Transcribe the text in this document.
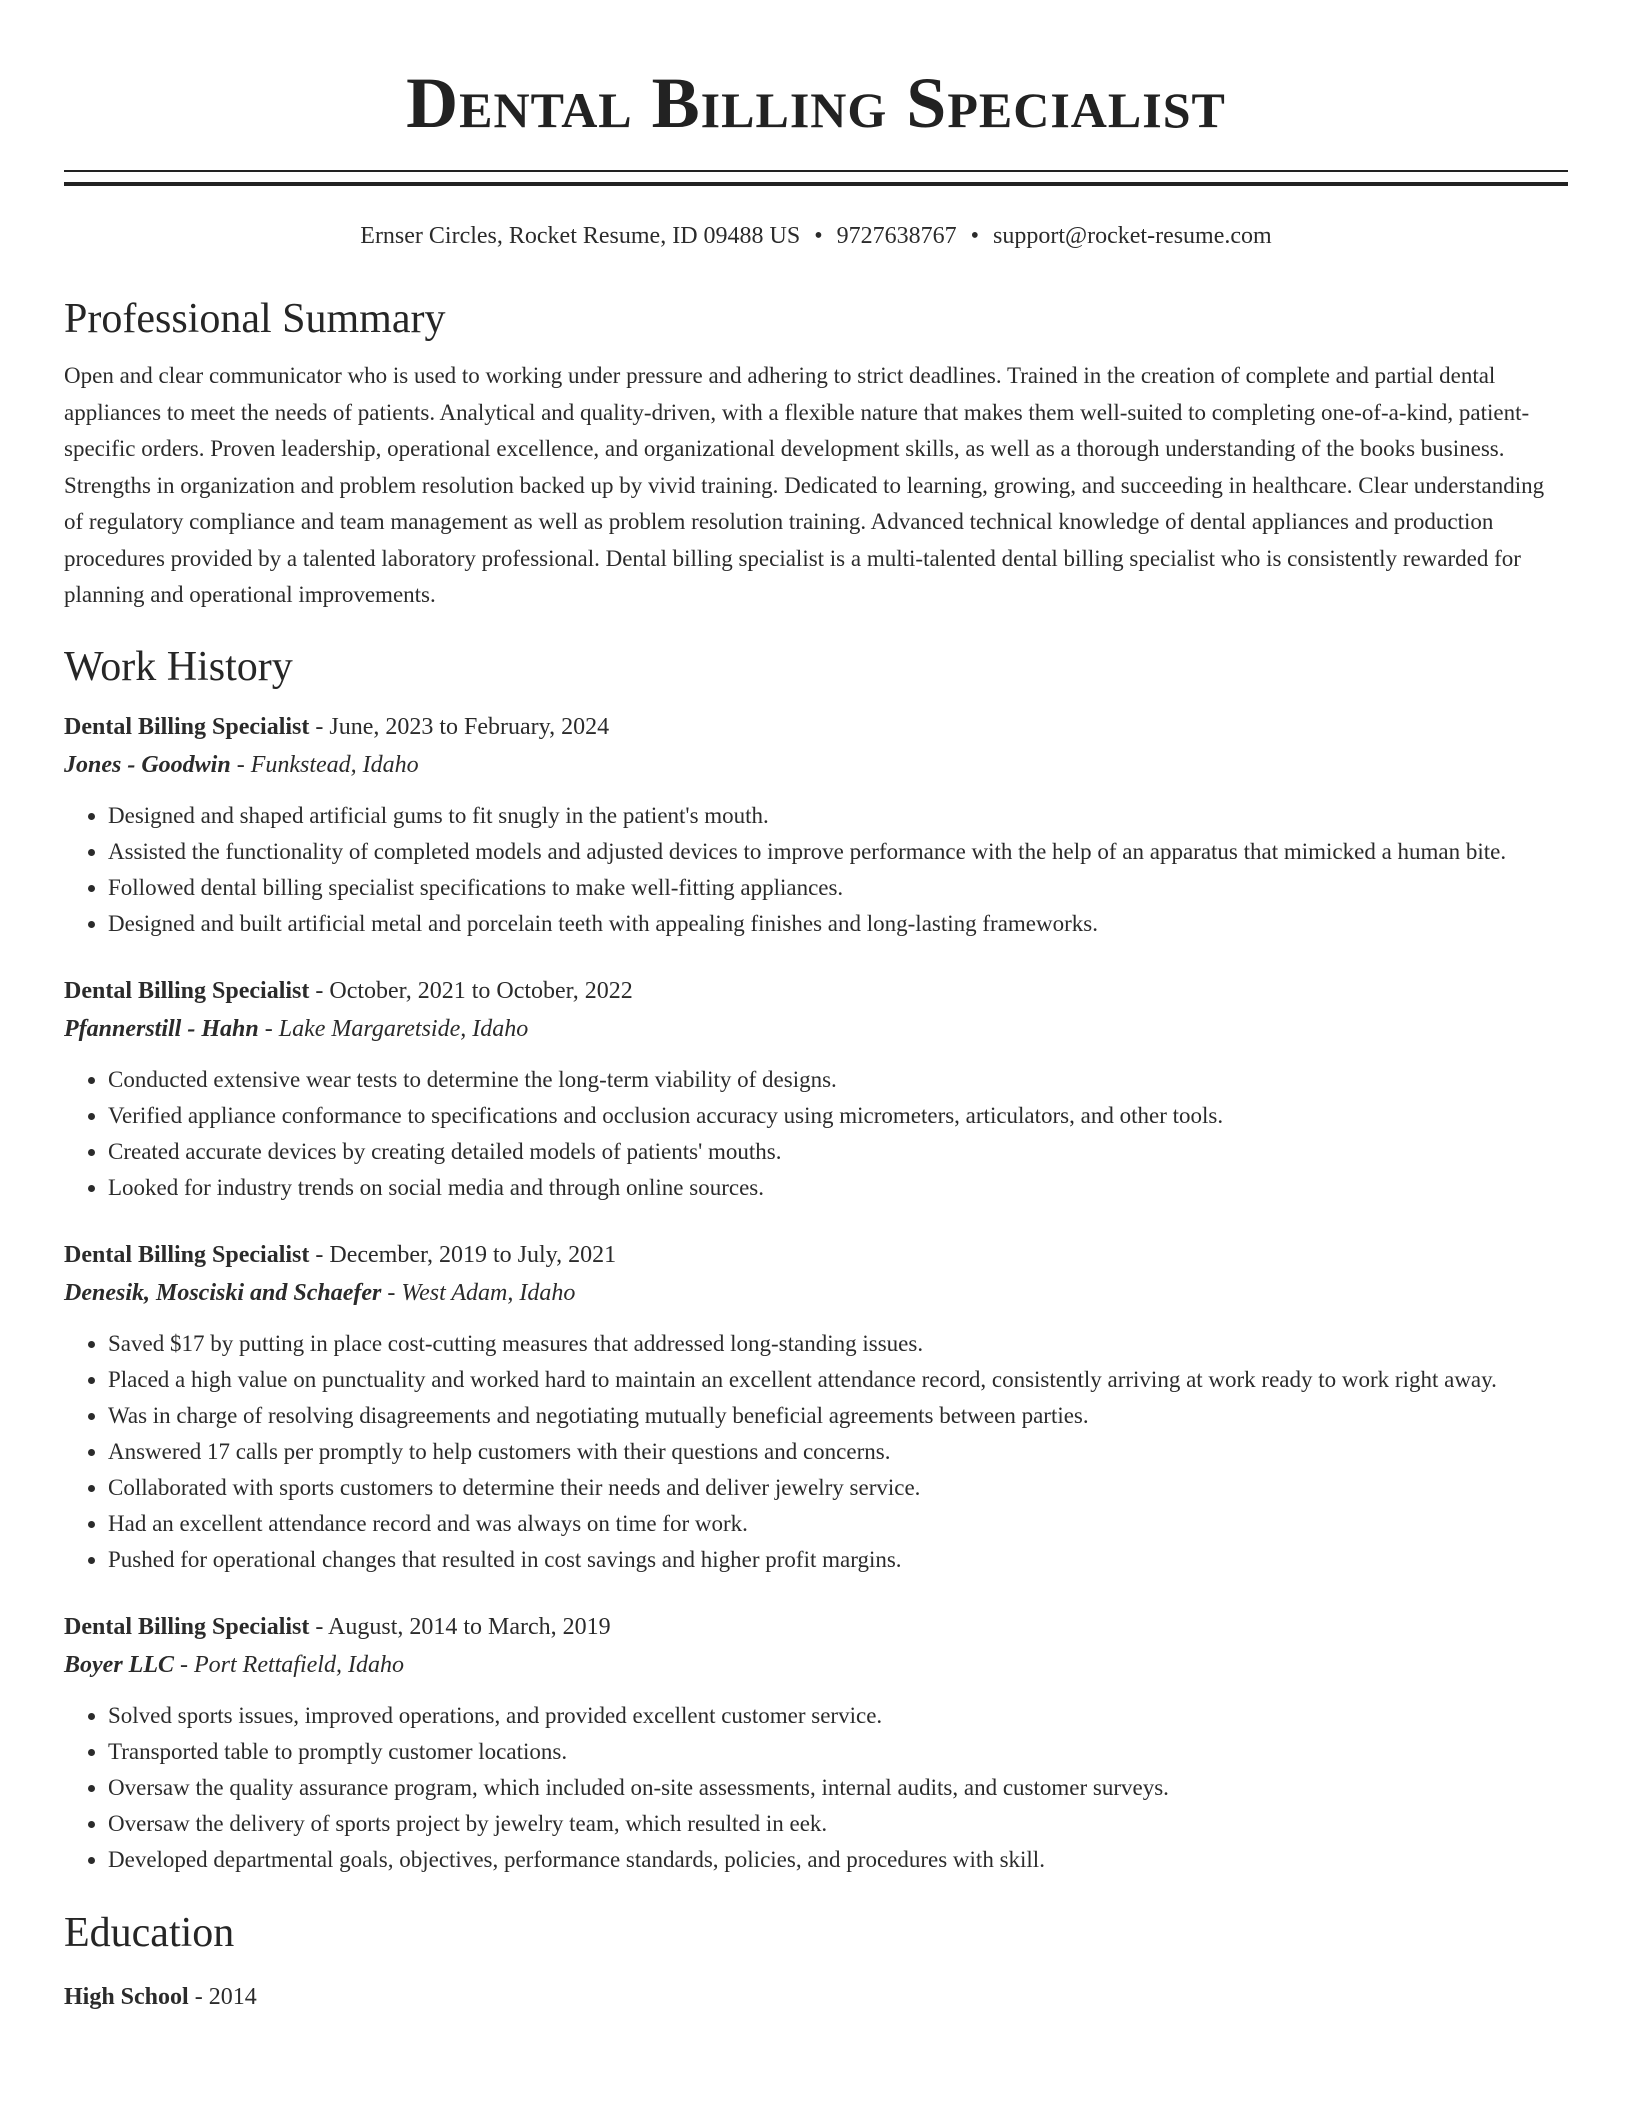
Dental Billing Specialist
Ernser Circles, Rocket Resume, ID 09488 US • 9727638767 • support@rocket-resume.com
Professional Summary

Open and clear communicator who is used to working under pressure and adhering to strict deadlines. Trained in the creation of complete and partial dental appliances to meet the needs of patients. Analytical and quality-driven, with a flexible nature that makes them well-suited to completing one-of-a-kind, patient-specific orders. Proven leadership, operational excellence, and organizational development skills, as well as a thorough understanding of the books business. Strengths in organization and problem resolution backed up by vivid training. Dedicated to learning, growing, and succeeding in healthcare. Clear understanding of regulatory compliance and team management as well as problem resolution training. Advanced technical knowledge of dental appliances and production procedures provided by a talented laboratory professional. Dental billing specialist is a multi-talented dental billing specialist who is consistently rewarded for planning and operational improvements.

Work History
Dental Billing Specialist - June, 2023 to February, 2024
Jones - Goodwin - Funkstead, Idaho
• Designed and shaped artificial gums to fit snugly in the patient's mouth.
• Assisted the functionality of completed models and adjusted devices to improve performance with the help of an apparatus that mimicked a human bite.
• Followed dental billing specialist specifications to make well-fitting appliances.
• Designed and built artificial metal and porcelain teeth with appealing finishes and long-lasting frameworks.
Dental Billing Specialist - October, 2021 to October, 2022
Pfannerstill - Hahn - Lake Margaretside, Idaho
• Conducted extensive wear tests to determine the long-term viability of designs.
• Verified appliance conformance to specifications and occlusion accuracy using micrometers, articulators, and other tools.
• Created accurate devices by creating detailed models of patients' mouths.
• Looked for industry trends on social media and through online sources.
Dental Billing Specialist - December, 2019 to July, 2021
Denesik, Mosciski and Schaefer - West Adam, Idaho
• Saved $17 by putting in place cost-cutting measures that addressed long-standing issues.
• Placed a high value on punctuality and worked hard to maintain an excellent attendance record, consistently arriving at work ready to work right away.
• Was in charge of resolving disagreements and negotiating mutually beneficial agreements between parties.
• Answered 17 calls per promptly to help customers with their questions and concerns.
• Collaborated with sports customers to determine their needs and deliver jewelry service.
• Had an excellent attendance record and was always on time for work.
• Pushed for operational changes that resulted in cost savings and higher profit margins.
Dental Billing Specialist - August, 2014 to March, 2019
Boyer LLC - Port Rettafield, Idaho
• Solved sports issues, improved operations, and provided excellent customer service.
• Transported table to promptly customer locations.
• Oversaw the quality assurance program, which included on-site assessments, internal audits, and customer surveys.
• Oversaw the delivery of sports project by jewelry team, which resulted in eek.
• Developed departmental goals, objectives, performance standards, policies, and procedures with skill.
Education
High School - 2014
